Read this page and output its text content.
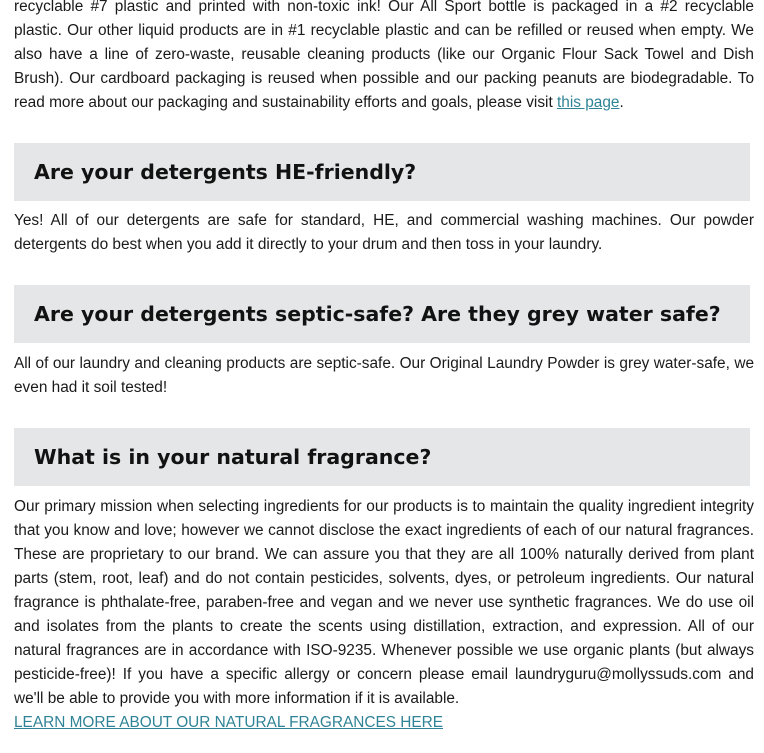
recyclable #7 plastic and printed with non-toxic ink! Our All Sport bottle is packaged in a #2 recyclable plastic. Our other liquid products are in #1 recyclable plastic and can be refilled or reused when empty. We also have a line of zero-waste, reusable cleaning products (like our Organic Flour Sack Towel and Dish Brush). Our cardboard packaging is reused when possible and our packing peanuts are biodegradable. To read more about our packaging and sustainability efforts and goals, please visit this page.

Are your detergents HE-friendly?

Yes! All of our detergents are safe for standard, HE, and commercial washing machines. Our powder detergents do best when you add it directly to your drum and then toss in your laundry.

Are your detergents septic-safe? Are they grey water safe?

All of our laundry and cleaning products are septic-safe. Our Original Laundry Powder is grey water-safe, we even had it soil tested!

What is in your natural fragrance?

Our primary mission when selecting ingredients for our products is to maintain the quality ingredient integrity that you know and love; however we cannot disclose the exact ingredients of each of our natural fragrances. These are proprietary to our brand. We can assure you that they are all 100% naturally derived from plant parts (stem, root, leaf) and do not contain pesticides, solvents, dyes, or petroleum ingredients. Our natural fragrance is phthalate-free, paraben-free and vegan and we never use synthetic fragrances. We do use oil and isolates from the plants to create the scents using distillation, extraction, and expression. All of our natural fragrances are in accordance with ISO-9235. Whenever possible we use organic plants (but always pesticide-free)! If you have a specific allergy or concern please email laundryguru@mollyssuds.com and we'll be able to provide you with more information if it is available.

LEARN MORE ABOUT OUR NATURAL FRAGRANCES HERE
